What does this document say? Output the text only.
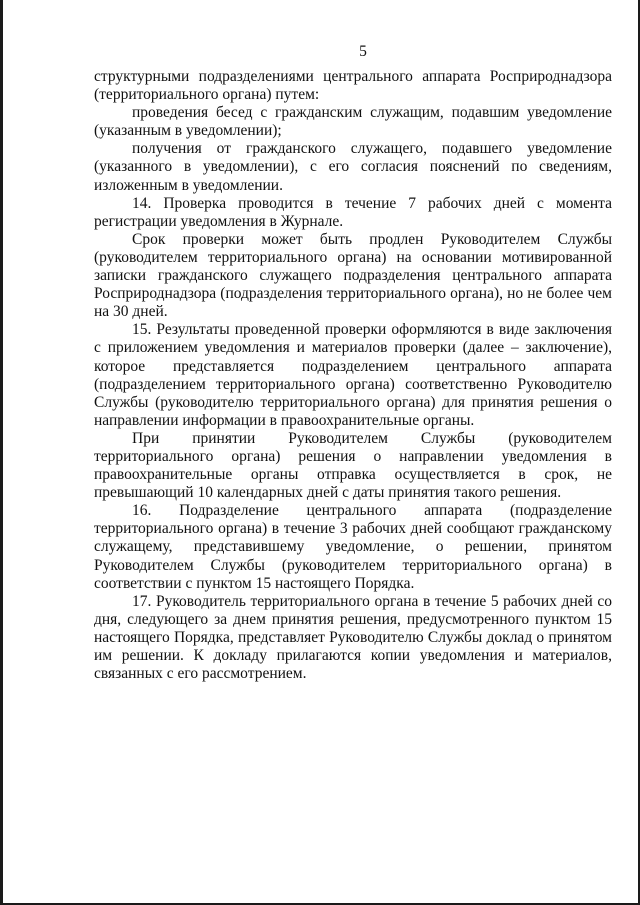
5

структурными подразделениями центрального аппарата Росприроднадзора (территориального органа) путем:

проведения бесед с гражданским служащим, подавшим уведомление (указанным в уведомлении);

получения от гражданского служащего, подавшего уведомление (указанного в уведомлении), с его согласия пояснений по сведениям, изложенным в уведомлении.

14. Проверка проводится в течение 7 рабочих дней с момента регистрации уведомления в Журнале.

Срок проверки может быть продлен Руководителем Службы (руководителем территориального органа) на основании мотивированной записки гражданского служащего подразделения центрального аппарата Росприроднадзора (подразделения территориального органа), но не более чем на 30 дней.

15. Результаты проведенной проверки оформляются в виде заключения с приложением уведомления и материалов проверки (далее – заключение), которое представляется подразделением центрального аппарата (подразделением территориального органа) соответственно Руководителю Службы (руководителю территориального органа) для принятия решения о направлении информации в правоохранительные органы.

При принятии Руководителем Службы (руководителем территориального органа) решения о направлении уведомления в правоохранительные органы отправка осуществляется в срок, не превышающий 10 календарных дней с даты принятия такого решения.

16. Подразделение центрального аппарата (подразделение территориального органа) в течение 3 рабочих дней сообщают гражданскому служащему, представившему уведомление, о решении, принятом Руководителем Службы (руководителем территориального органа) в соответствии с пунктом 15 настоящего Порядка.

17. Руководитель территориального органа в течение 5 рабочих дней со дня, следующего за днем принятия решения, предусмотренного пунктом 15 настоящего Порядка, представляет Руководителю Службы доклад о принятом им решении. К докладу прилагаются копии уведомления и материалов, связанных с его рассмотрением.
